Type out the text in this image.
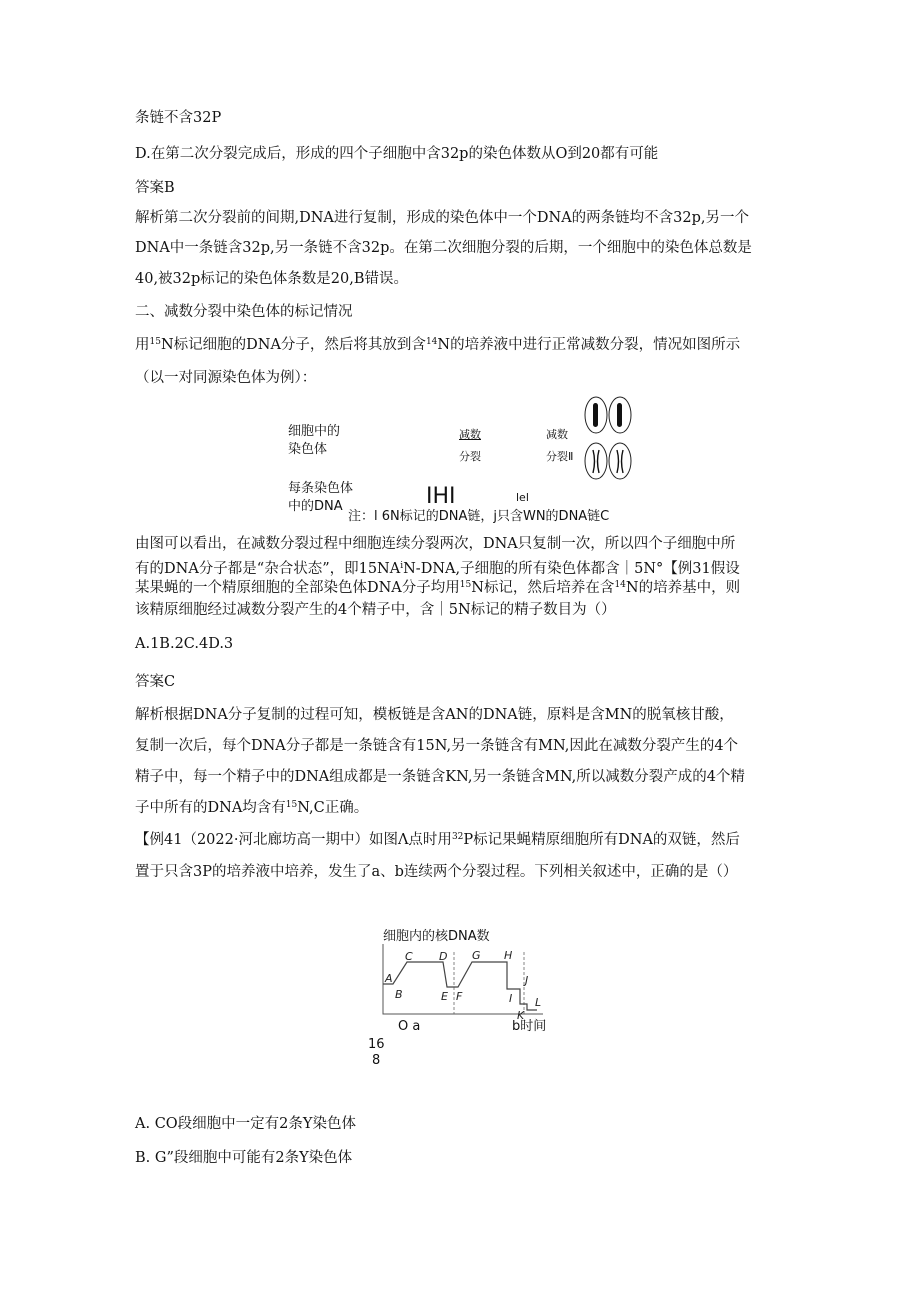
条链不含32P
D.在第二次分裂完成后，形成的四个子细胞中含32p的染色体数从O到20都有可能
答案B
解析第二次分裂前的间期,DNA进行复制，形成的染色体中一个DNA的两条链均不含32p,另一个
DNA中一条链含32p,另一条链不含32p。在第二次细胞分裂的后期，一个细胞中的染色体总数是
40,被32p标记的染色体条数是20,B错误。
二、减数分裂中染色体的标记情况
用$^{15}$N标记细胞的DNA分子，然后将其放到含$^{14}$N的培养液中进行正常减数分裂，情况如图所示
（以一对同源染色体为例）：
细胞中的
染色体
减数
分裂
减数
分裂Ⅱ
每条染色体
中的DNA	IHI	lel
注：l 6N标记的DNA链，j只含WN的DNA链C
由图可以看出，在减数分裂过程中细胞连续分裂两次，DNA只复制一次，所以四个子细胞中所
有的DNA分子都是“杂合状态”，即$15NA^iN$-DNA,子细胞的所有染色体都含｜5N°【例31假设
某果蝇的一个精原细胞的全部染色体DNA分子均用$^{15}$N标记，然后培养在含$^{14}$N的培养基中，则
该精原细胞经过减数分裂产生的4个精子中，含｜5N标记的精子数目为（）
A.1B.2C.4D.3
答案C
解析根据DNA分子复制的过程可知，模板链是含AN的DNA链，原料是含MN的脱氧核甘酸，
复制一次后，每个DNA分子都是一条链含有15N,另一条链含有MN,因此在减数分裂产生的4个
精子中，每一个精子中的DNA组成都是一条链含KN,另一条链含MN,所以减数分裂产成的4个精
子中所有的DNA均含有$^{15}$N,C正确。
【例41（2022·河北廊坊高一期中）如图Λ点时用$^{32}$P标记果蝇精原细胞所有DNA的双链，然后
置于只含3P的培养液中培养，发生了a、b连续两个分裂过程。下列相关叙述中，正确的是（）
细胞内的核DNA数
A
B
C D
E F
G H
I
J
K
L
O a	b时间
16
8
A. CO段细胞中一定有2条Y染色体
B. G”段细胞中可能有2条Y染色体
